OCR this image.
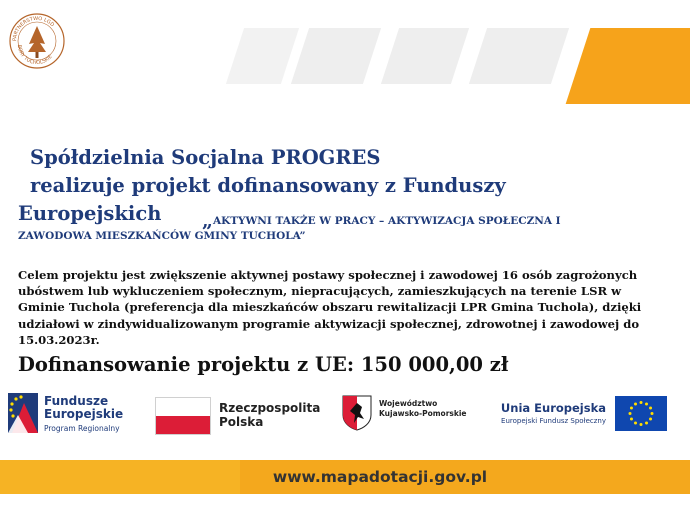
PARTNERSTWO LGD
BORY TUCHOLSKIE
Spółdzielnia Socjalna PROGRES
realizuje projekt dofinansowany z Funduszy
Europejskich „AKTYWNI TAKŻE W PRACY – AKTYWIZACJA SPOŁECZNA I
ZAWODOWA MIESZKAŃCÓW GMINY TUCHOLA”
Celem projektu jest zwiększenie aktywnej postawy społecznej i zawodowej 16 osób zagrożonych
ubóstwem lub wykluczeniem społecznym, niepracujących, zamieszkujących na terenie LSR w
Gminie Tuchola (preferencja dla mieszkańców obszaru rewitalizacji LPR Gmina Tuchola), dzięki
udziałowi w zindywidualizowanym programie aktywizacji społecznej, zdrowotnej i zawodowej do
15.03.2023r.
Dofinansowanie projektu z UE: 150 000,00 zł
Fundusze
Europejskie
Program Regionalny
Rzeczpospolita
Polska
Województwo
Kujawsko-Pomorskie	Unia Europejska
Europejski Fundusz Społeczny
www.mapadotacji.gov.pl
